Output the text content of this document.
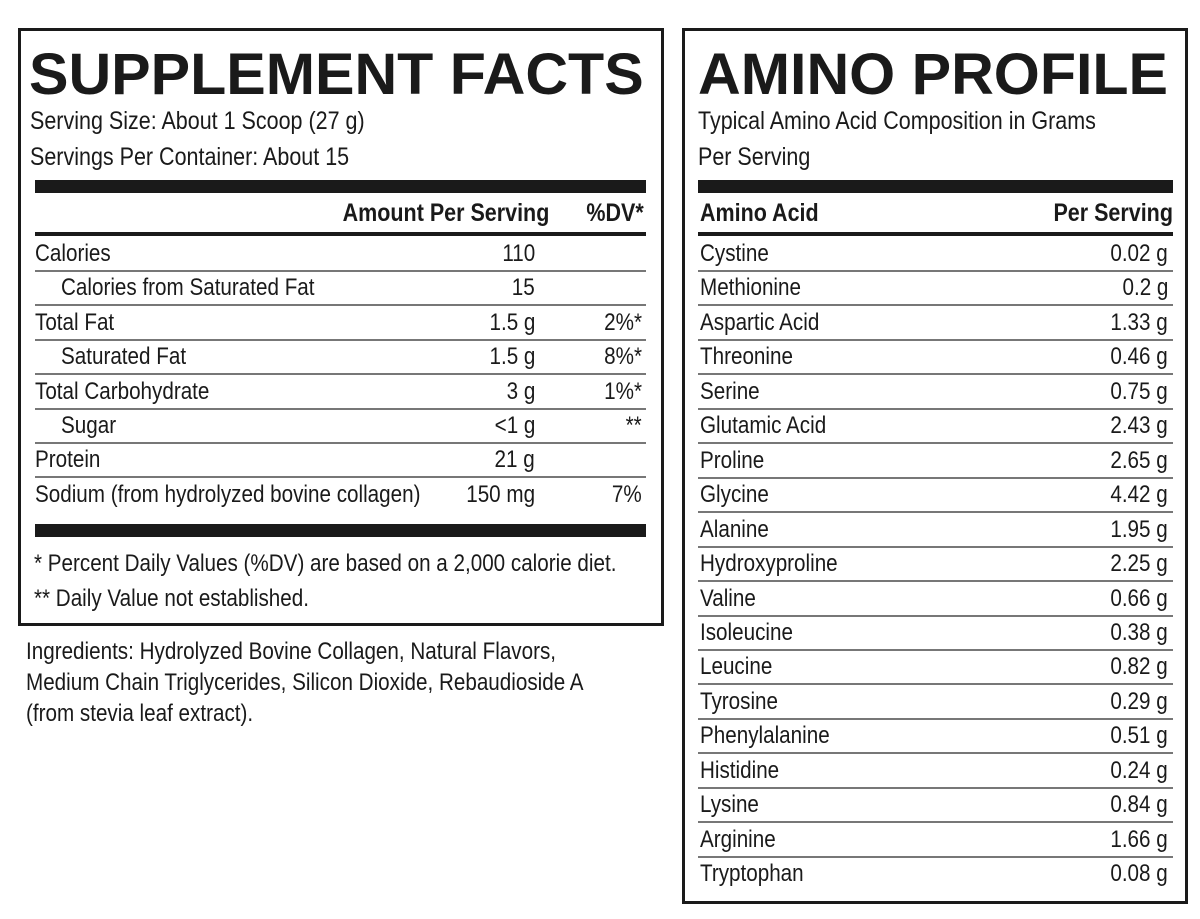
SUPPLEMENT FACTS
Serving Size: About 1 Scoop (27 g)
Servings Per Container: About 15
Amount Per Serving %DV*
Calories	110
Calories from Saturated Fat	15
Total Fat	1.5 g	2%*
Saturated Fat	1.5 g	8%*
Total Carbohydrate	3 g	1%*
Sugar	<1 g	**
Protein	21 g
Sodium (from hydrolyzed bovine collagen) 150 mg	7%
* Percent Daily Values (%DV) are based on a 2,000 calorie diet.
** Daily Value not established.
Ingredients: Hydrolyzed Bovine Collagen, Natural Flavors,
Medium Chain Triglycerides, Silicon Dioxide, Rebaudioside A
(from stevia leaf extract).
AMINO PROFILE
Typical Amino Acid Composition in Grams
Per Serving
Amino Acid	Per Serving
Cystine	0.02 g
Methionine	0.2 g
Aspartic Acid	1.33 g
Threonine	0.46 g
Serine	0.75 g
Glutamic Acid	2.43 g
Proline	2.65 g
Glycine	4.42 g
Alanine	1.95 g
Hydroxyproline	2.25 g
Valine	0.66 g
Isoleucine	0.38 g
Leucine	0.82 g
Tyrosine	0.29 g
Phenylalanine	0.51 g
Histidine	0.24 g
Lysine	0.84 g
Arginine	1.66 g
Tryptophan	0.08 g
